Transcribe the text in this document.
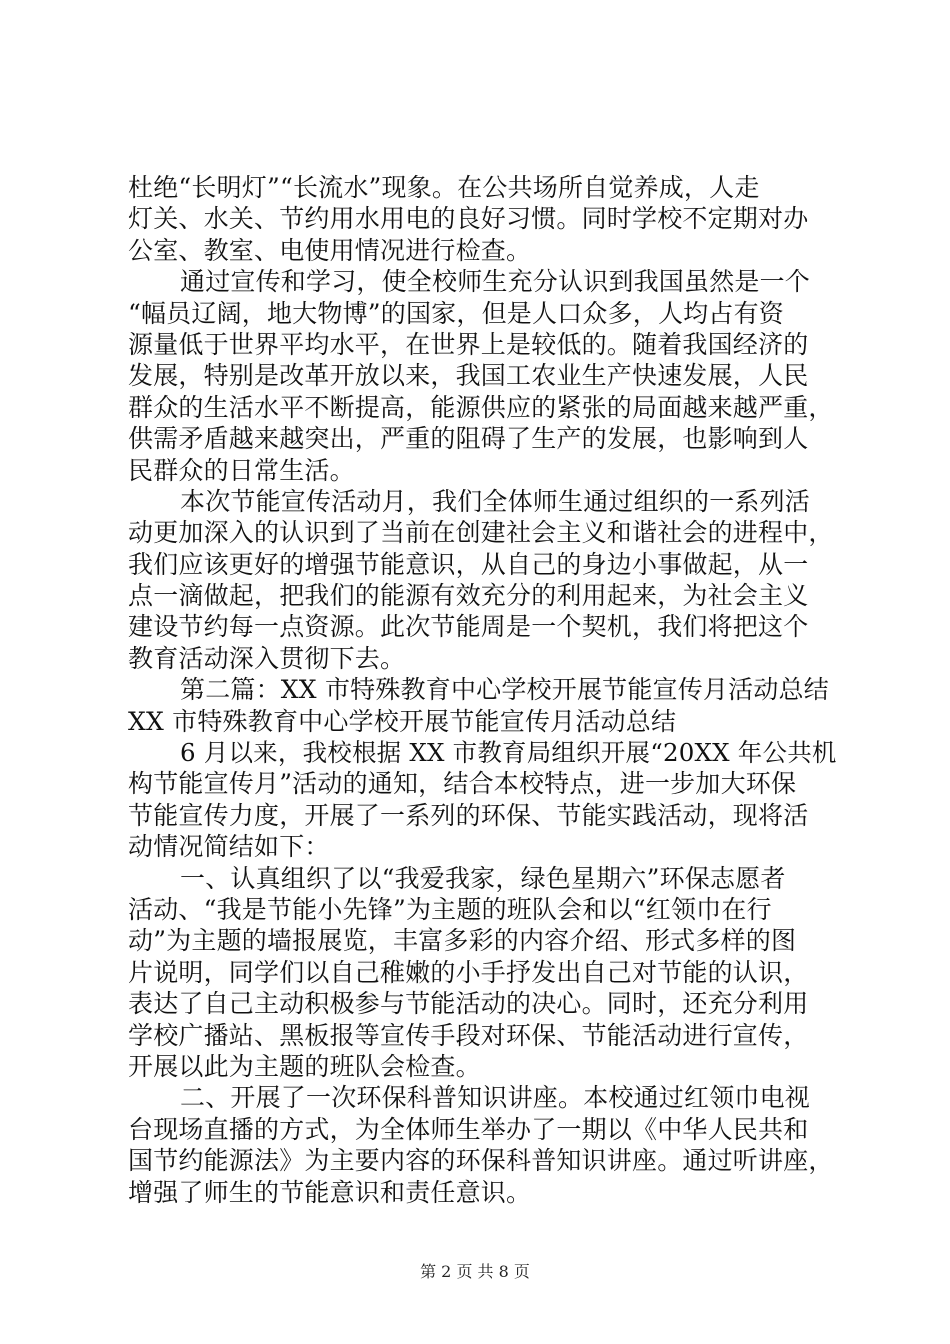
杜绝“长明灯”“长流水”现象。在公共场所自觉养成，人走
灯关、水关、节约用水用电的良好习惯。同时学校不定期对办
公室、教室、电使用情况进行检查。
通过宣传和学习，使全校师生充分认识到我国虽然是一个
“幅员辽阔，地大物博”的国家，但是人口众多，人均占有资
源量低于世界平均水平，在世界上是较低的。随着我国经济的
发展，特别是改革开放以来，我国工农业生产快速发展，人民
群众的生活水平不断提高，能源供应的紧张的局面越来越严重，
供需矛盾越来越突出，严重的阻碍了生产的发展，也影响到人
民群众的日常生活。
本次节能宣传活动月，我们全体师生通过组织的一系列活
动更加深入的认识到了当前在创建社会主义和谐社会的进程中，
我们应该更好的增强节能意识，从自己的身边小事做起，从一
点一滴做起，把我们的能源有效充分的利用起来，为社会主义
建设节约每一点资源。此次节能周是一个契机，我们将把这个
教育活动深入贯彻下去。
第二篇：XX 市特殊教育中心学校开展节能宣传月活动总结
XX 市特殊教育中心学校开展节能宣传月活动总结
6 月以来，我校根据 XX 市教育局组织开展“20XX 年公共机
构节能宣传月”活动的通知，结合本校特点，进一步加大环保
节能宣传力度，开展了一系列的环保、节能实践活动，现将活
动情况简结如下：
一、认真组织了以“我爱我家，绿色星期六”环保志愿者
活动、“我是节能小先锋”为主题的班队会和以“红领巾在行
动”为主题的墙报展览，丰富多彩的内容介绍、形式多样的图
片说明，同学们以自己稚嫩的小手抒发出自己对节能的认识，
表达了自己主动积极参与节能活动的决心。同时，还充分利用
学校广播站、黑板报等宣传手段对环保、节能活动进行宣传，
开展以此为主题的班队会检查。
二、开展了一次环保科普知识讲座。本校通过红领巾电视
台现场直播的方式，为全体师生举办了一期以《中华人民共和
国节约能源法》为主要内容的环保科普知识讲座。通过听讲座，
增强了师生的节能意识和责任意识。
第 2 页 共 8 页
